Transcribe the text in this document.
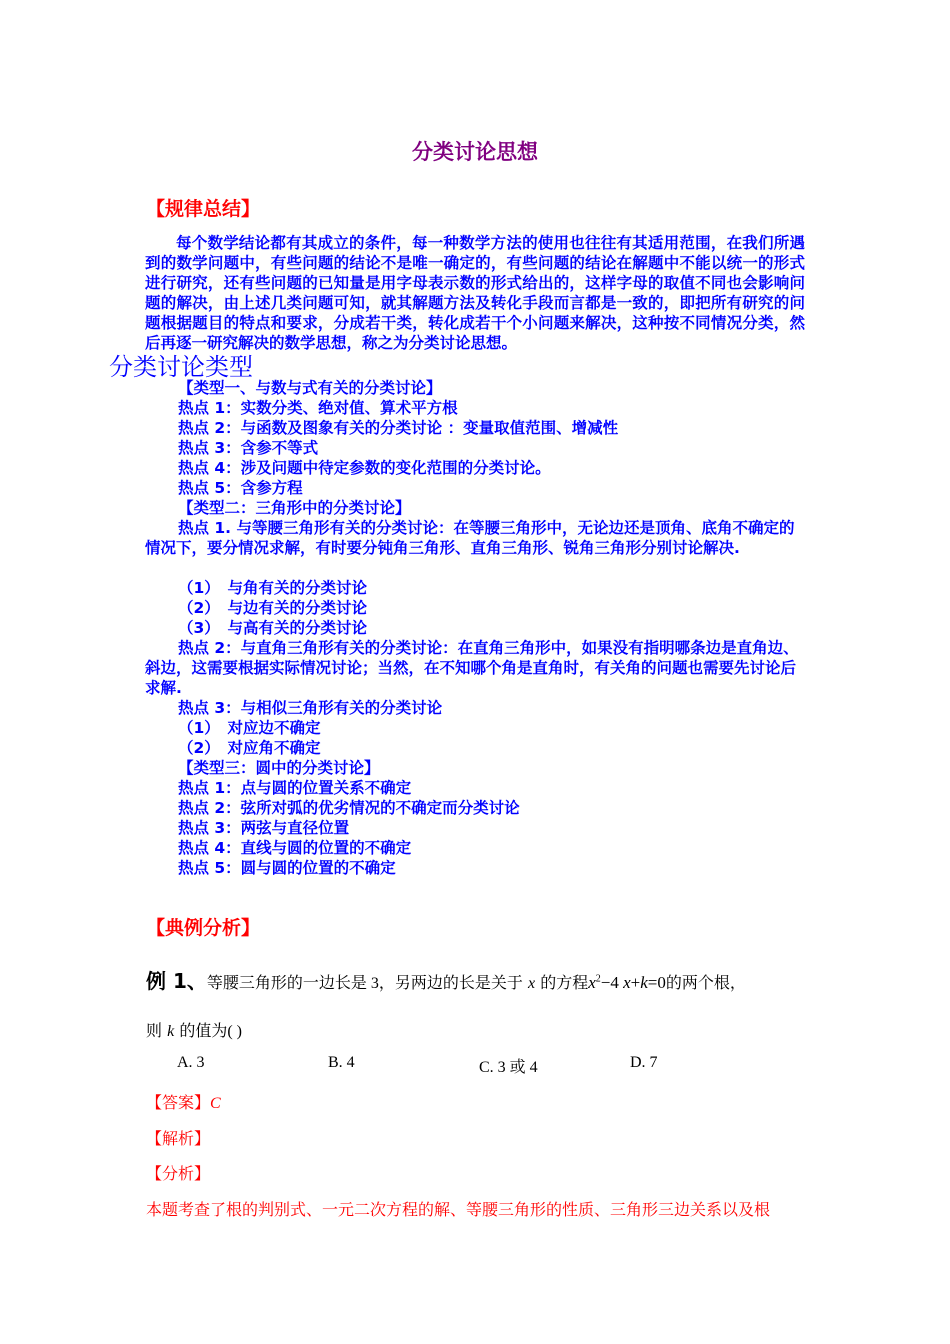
分类讨论思想
【规律总结】
每个数学结论都有其成立的条件，每一种数学方法的使用也往往有其适用范围，在我们所遇到的数学问题中，有些问题的结论不是唯一确定的，有些问题的结论在解题中不能以统一的形式进行研究，还有些问题的已知量是用字母表示数的形式给出的，这样字母的取值不同也会影响问题的解决，由上述几类问题可知，就其解题方法及转化手段而言都是一致的，即把所有研究的问题根据题目的特点和要求，分成若干类，转化成若干个小问题来解决，这种按不同情况分类，然后再逐一研究解决的数学思想，称之为分类讨论思想。
分类讨论类型
【类型一、与数与式有关的分类讨论】
热点 1：实数分类、绝对值、算术平方根
热点 2：与函数及图象有关的分类讨论 ：变量取值范围、增减性
热点 3：含参不等式
热点 4：涉及问题中待定参数的变化范围的分类讨论。
热点 5：含参方程
【类型二：三角形中的分类讨论】
热点 1. 与等腰三角形有关的分类讨论：在等腰三角形中，无论边还是顶角、底角不确定的情况下，要分情况求解，有时要分钝角三角形、直角三角形、锐角三角形分别讨论解决.
（1）　与角有关的分类讨论
（2）　与边有关的分类讨论
（3）　与高有关的分类讨论
热点 2：与直角三角形有关的分类讨论：在直角三角形中，如果没有指明哪条边是直角边、斜边，这需要根据实际情况讨论；当然，在不知哪个角是直角时，有关角的问题也需要先讨论后求解.
热点 3：与相似三角形有关的分类讨论
（1）　对应边不确定
（2）　对应角不确定
【类型三：圆中的分类讨论】
热点 1：点与圆的位置关系不确定
热点 2：弦所对弧的优劣情况的不确定而分类讨论
热点 3：两弦与直径位置
热点 4：直线与圆的位置的不确定
热点 5：圆与圆的位置的不确定
【典例分析】
例 1、等腰三角形的一边长是 3，另两边的长是关于 x 的方程$x^2-4$ x+k=0的两个根，
则 k 的值为( )
A. 3	B. 4	C. 3 或 4	D. 7
【答案】C
【解析】
【分析】
本题考查了根的判别式、一元二次方程的解、等腰三角形的性质、三角形三边关系以及根
